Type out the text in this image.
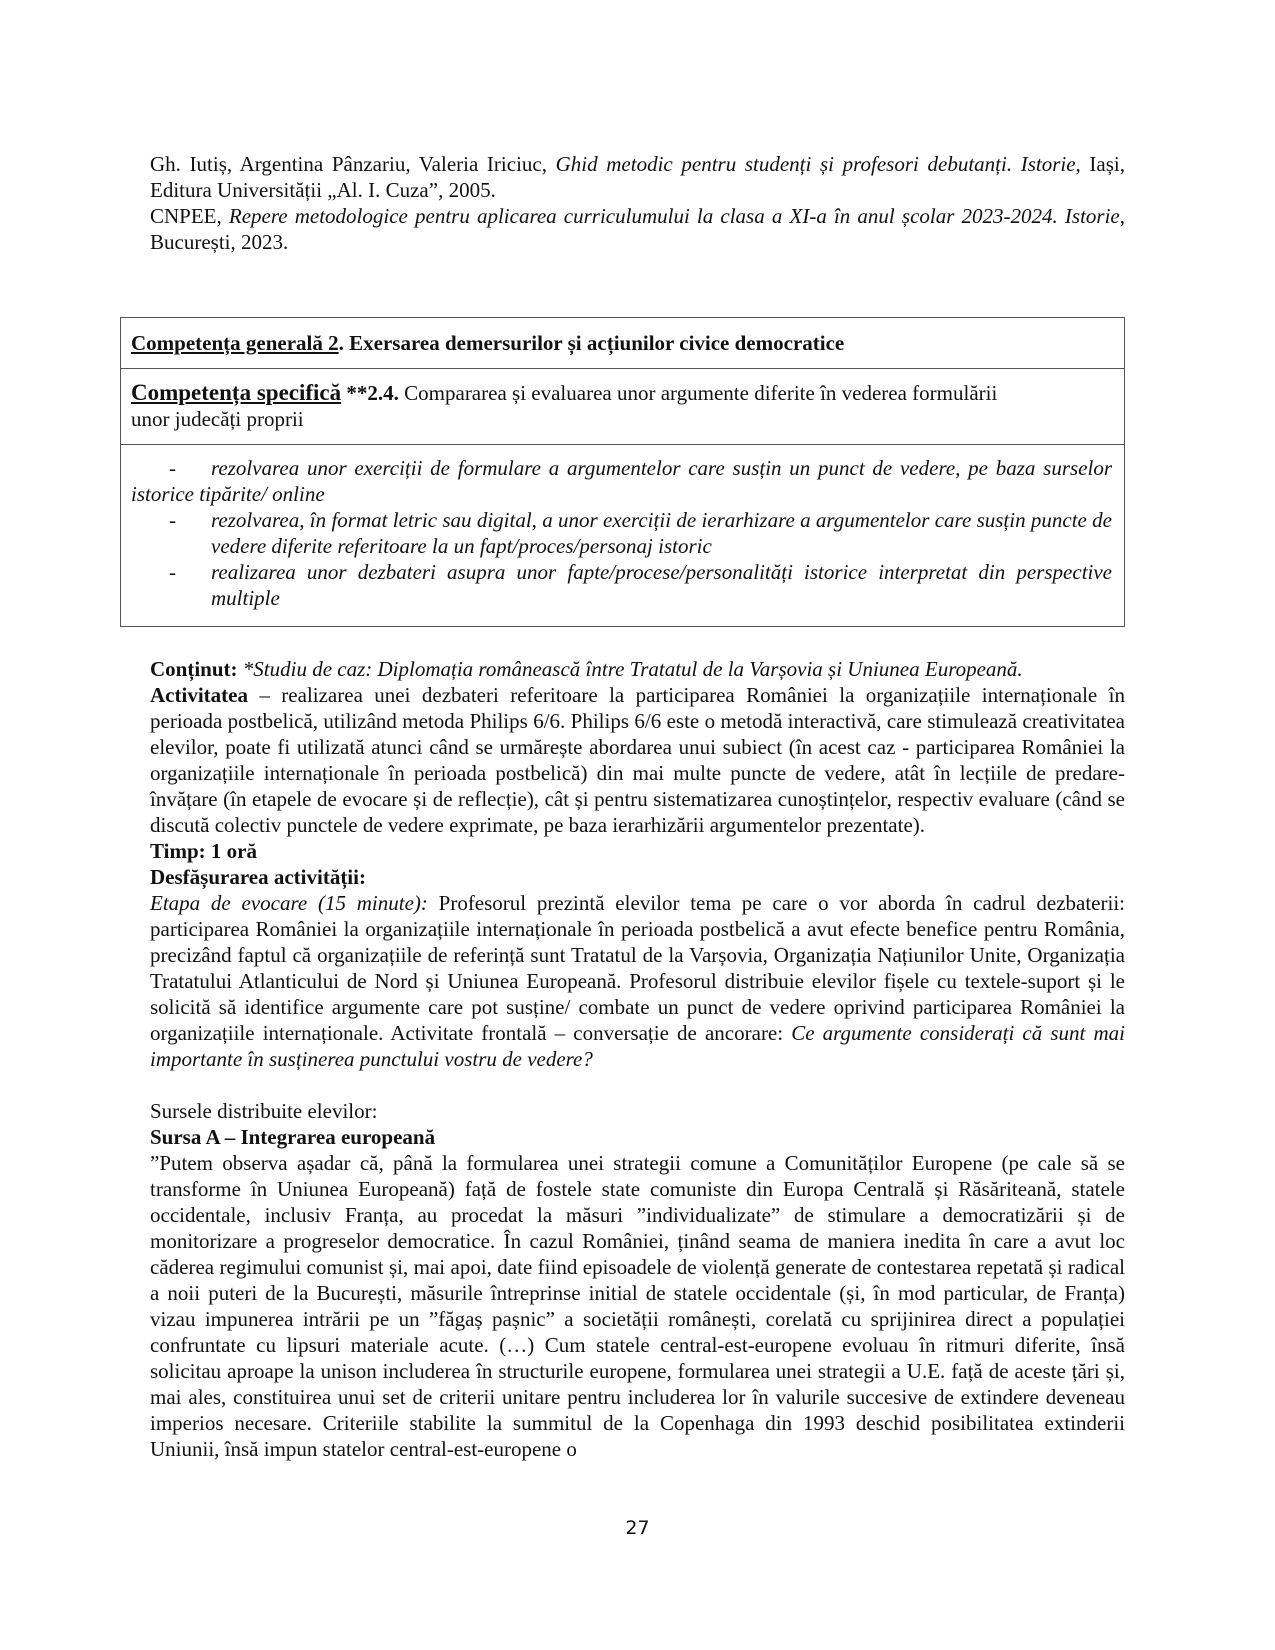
Gh. Iutiș, Argentina Pânzariu, Valeria Iriciuc, Ghid metodic pentru studenți și profesori debutanți. Istorie, Iași, Editura Universității „Al. I. Cuza”, 2005.

CNPEE, Repere metodologice pentru aplicarea curriculumului la clasa a XI-a în anul școlar 2023-2024. Istorie, București, 2023.

Competența generală 2. Exersarea demersurilor și acțiunilor civice democratice
Competența specifică **2.4. Compararea și evaluarea unor argumente diferite în vederea formulării unor judecăți proprii
- rezolvarea unor exerciții de formulare a argumentelor care susțin un punct de vedere, pe baza surselor istorice tipărite/ online
- rezolvarea, în format letric sau digital, a unor exerciții de ierarhizare a argumentelor care susțin puncte de vedere diferite referitoare la un fapt/proces/personaj istoric
- realizarea unor dezbateri asupra unor fapte/procese/personalități istorice interpretat din perspective multiple

Conținut: *Studiu de caz: Diplomația românească între Tratatul de la Varșovia și Uniunea Europeană.

Activitatea – realizarea unei dezbateri referitoare la participarea României la organizațiile internaționale în perioada postbelică, utilizând metoda Philips 6/6. Philips 6/6 este o metodă interactivă, care stimulează creativitatea elevilor, poate fi utilizată atunci când se urmărește abordarea unui subiect (în acest caz - participarea României la organizațiile internaționale în perioada postbelică) din mai multe puncte de vedere, atât în lecțiile de predare-învățare (în etapele de evocare și de reflecție), cât și pentru sistematizarea cunoștințelor, respectiv evaluare (când se discută colectiv punctele de vedere exprimate, pe baza ierarhizării argumentelor prezentate).

Timp: 1 oră

Desfășurarea activității:

Etapa de evocare (15 minute): Profesorul prezintă elevilor tema pe care o vor aborda în cadrul dezbaterii: participarea României la organizațiile internaționale în perioada postbelică a avut efecte benefice pentru România, precizând faptul că organizațiile de referință sunt Tratatul de la Varșovia, Organizația Națiunilor Unite, Organizația Tratatului Atlanticului de Nord și Uniunea Europeană. Profesorul distribuie elevilor fișele cu textele-suport și le solicită să identifice argumente care pot susține/ combate un punct de vedere oprivind participarea României la organizațiile internaționale. Activitate frontală – conversație de ancorare: Ce argumente considerați că sunt mai importante în susținerea punctului vostru de vedere?

Sursele distribuite elevilor:

Sursa A – Integrarea europeană

”Putem observa așadar că, până la formularea unei strategii comune a Comunităților Europene (pe cale să se transforme în Uniunea Europeană) față de fostele state comuniste din Europa Centrală și Răsăriteană, statele occidentale, inclusiv Franța, au procedat la măsuri ”individualizate” de stimulare a democratizării și de monitorizare a progreselor democratice. În cazul României, ținând seama de maniera inedita în care a avut loc căderea regimului comunist și, mai apoi, date fiind episoadele de violență generate de contestarea repetată și radical a noii puteri de la București, măsurile întreprinse initial de statele occidentale (și, în mod particular, de Franța) vizau impunerea intrării pe un ”făgaș pașnic” a societății românești, corelată cu sprijinirea direct a populației confruntate cu lipsuri materiale acute. (…) Cum statele central-est-europene evoluau în ritmuri diferite, însă solicitau aproape la unison includerea în structurile europene, formularea unei strategii a U.E. față de aceste țări și, mai ales, constituirea unui set de criterii unitare pentru includerea lor în valurile succesive de extindere deveneau imperios necesare. Criteriile stabilite la summitul de la Copenhaga din 1993 deschid posibilitatea extinderii Uniunii, însă impun statelor central-est-europene o

27
